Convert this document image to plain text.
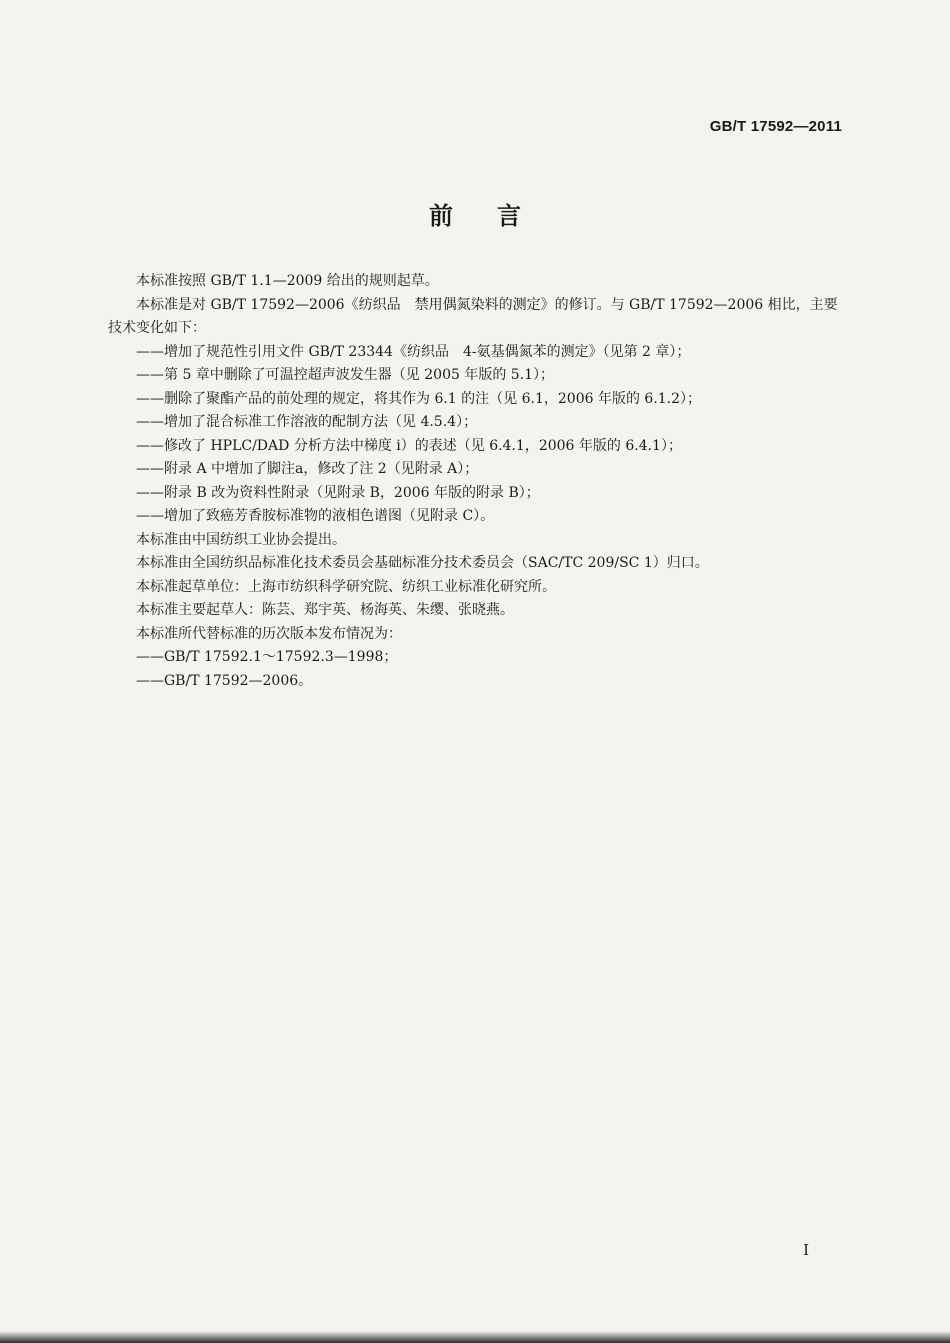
GB/T 17592—2011
前言

本标准按照 GB/T 1.1—2009 给出的规则起草。

本标准是对 GB/T 17592—2006《纺织品　禁用偶氮染料的测定》的修订。与 GB/T 17592—2006 相比，主要技术变化如下：

——增加了规范性引用文件 GB/T 23344《纺织品　4-氨基偶氮苯的测定》（见第 2 章）；

——第 5 章中删除了可温控超声波发生器（见 2005 年版的 5.1）；

——删除了聚酯产品的前处理的规定，将其作为 6.1 的注（见 6.1，2006 年版的 6.1.2）；

——增加了混合标准工作溶液的配制方法（见 4.5.4）；

——修改了 HPLC/DAD 分析方法中梯度 i）的表述（见 6.4.1，2006 年版的 6.4.1）；

——附录 A 中增加了脚注a，修改了注 2（见附录 A）；

——附录 B 改为资料性附录（见附录 B，2006 年版的附录 B）；

——增加了致癌芳香胺标准物的液相色谱图（见附录 C）。

本标准由中国纺织工业协会提出。

本标准由全国纺织品标准化技术委员会基础标准分技术委员会（SAC/TC 209/SC 1）归口。

本标准起草单位：上海市纺织科学研究院、纺织工业标准化研究所。

本标准主要起草人：陈芸、郑宇英、杨海英、朱缨、张晓燕。

本标准所代替标准的历次版本发布情况为：

——GB/T 17592.1～17592.3—1998；

——GB/T 17592—2006。

I
